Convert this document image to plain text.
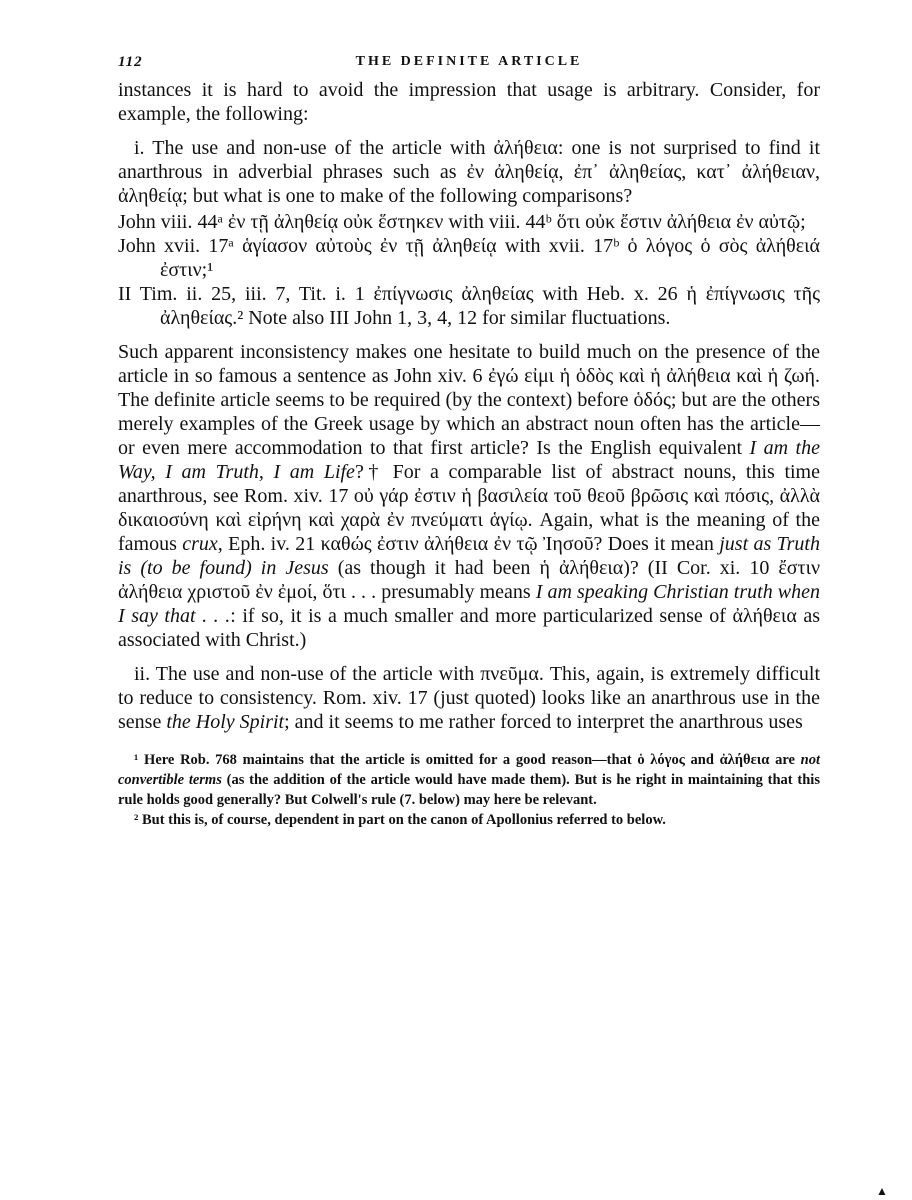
112	THE DEFINITE ARTICLE

instances it is hard to avoid the impression that usage is arbitrary. Consider, for example, the following:

i. The use and non-use of the article with ἀλήθεια: one is not surprised to find it anarthrous in adverbial phrases such as ἐν ἀληθείᾳ, ἐπ᾽ ἀληθείας, κατ᾽ ἀλήθειαν, ἀληθείᾳ; but what is one to make of the following comparisons?

John viii. 44ᵃ ἐν τῇ ἀληθείᾳ οὐκ ἕστηκεν with viii. 44ᵇ ὅτι οὐκ ἔστιν ἀλήθεια ἐν αὐτῷ;

John xvii. 17ᵃ ἁγίασον αὐτοὺς ἐν τῇ ἀληθείᾳ with xvii. 17ᵇ ὁ λόγος ὁ σὸς ἀλήθειά ἐστιν;¹

II Tim. ii. 25, iii. 7, Tit. i. 1 ἐπίγνωσις ἀληθείας with Heb. x. 26 ἡ ἐπίγνωσις τῆς ἀληθείας.² Note also III John 1, 3, 4, 12 for similar fluctuations.

Such apparent inconsistency makes one hesitate to build much on the presence of the article in so famous a sentence as John xiv. 6 ἐγώ εἰμι ἡ ὁδὸς καὶ ἡ ἀλήθεια καὶ ἡ ζωή. The definite article seems to be required (by the context) before ὁδός; but are the others merely examples of the Greek usage by which an abstract noun often has the article—or even mere accommodation to that first article? Is the English equivalent I am the Way, I am Truth, I am Life?† For a comparable list of abstract nouns, this time anarthrous, see Rom. xiv. 17 οὐ γάρ ἐστιν ἡ βασιλεία τοῦ θεοῦ βρῶσις καὶ πόσις, ἀλλὰ δικαιοσύνη καὶ εἰρήνη καὶ χαρὰ ἐν πνεύματι ἁγίῳ. Again, what is the meaning of the famous crux, Eph. iv. 21 καθώς ἐστιν ἀλήθεια ἐν τῷ Ἰησοῦ? Does it mean just as Truth is (to be found) in Jesus (as though it had been ἡ ἀλήθεια)? (II Cor. xi. 10 ἔστιν ἀλήθεια χριστοῦ ἐν ἐμοί, ὅτι . . . presumably means I am speaking Christian truth when I say that . . .: if so, it is a much smaller and more particularized sense of ἀλήθεια as associated with Christ.)

ii. The use and non-use of the article with πνεῦμα. This, again, is extremely difficult to reduce to consistency. Rom. xiv. 17 (just quoted) looks like an anarthrous use in the sense the Holy Spirit; and it seems to me rather forced to interpret the anarthrous uses

¹ Here Rob. 768 maintains that the article is omitted for a good reason—that ὁ λόγος and ἀλήθεια are not convertible terms (as the addition of the article would have made them). But is he right in maintaining that this rule holds good generally? But Colwell's rule (7. below) may here be relevant.

² But this is, of course, dependent in part on the canon of Apollonius referred to below.

▲
